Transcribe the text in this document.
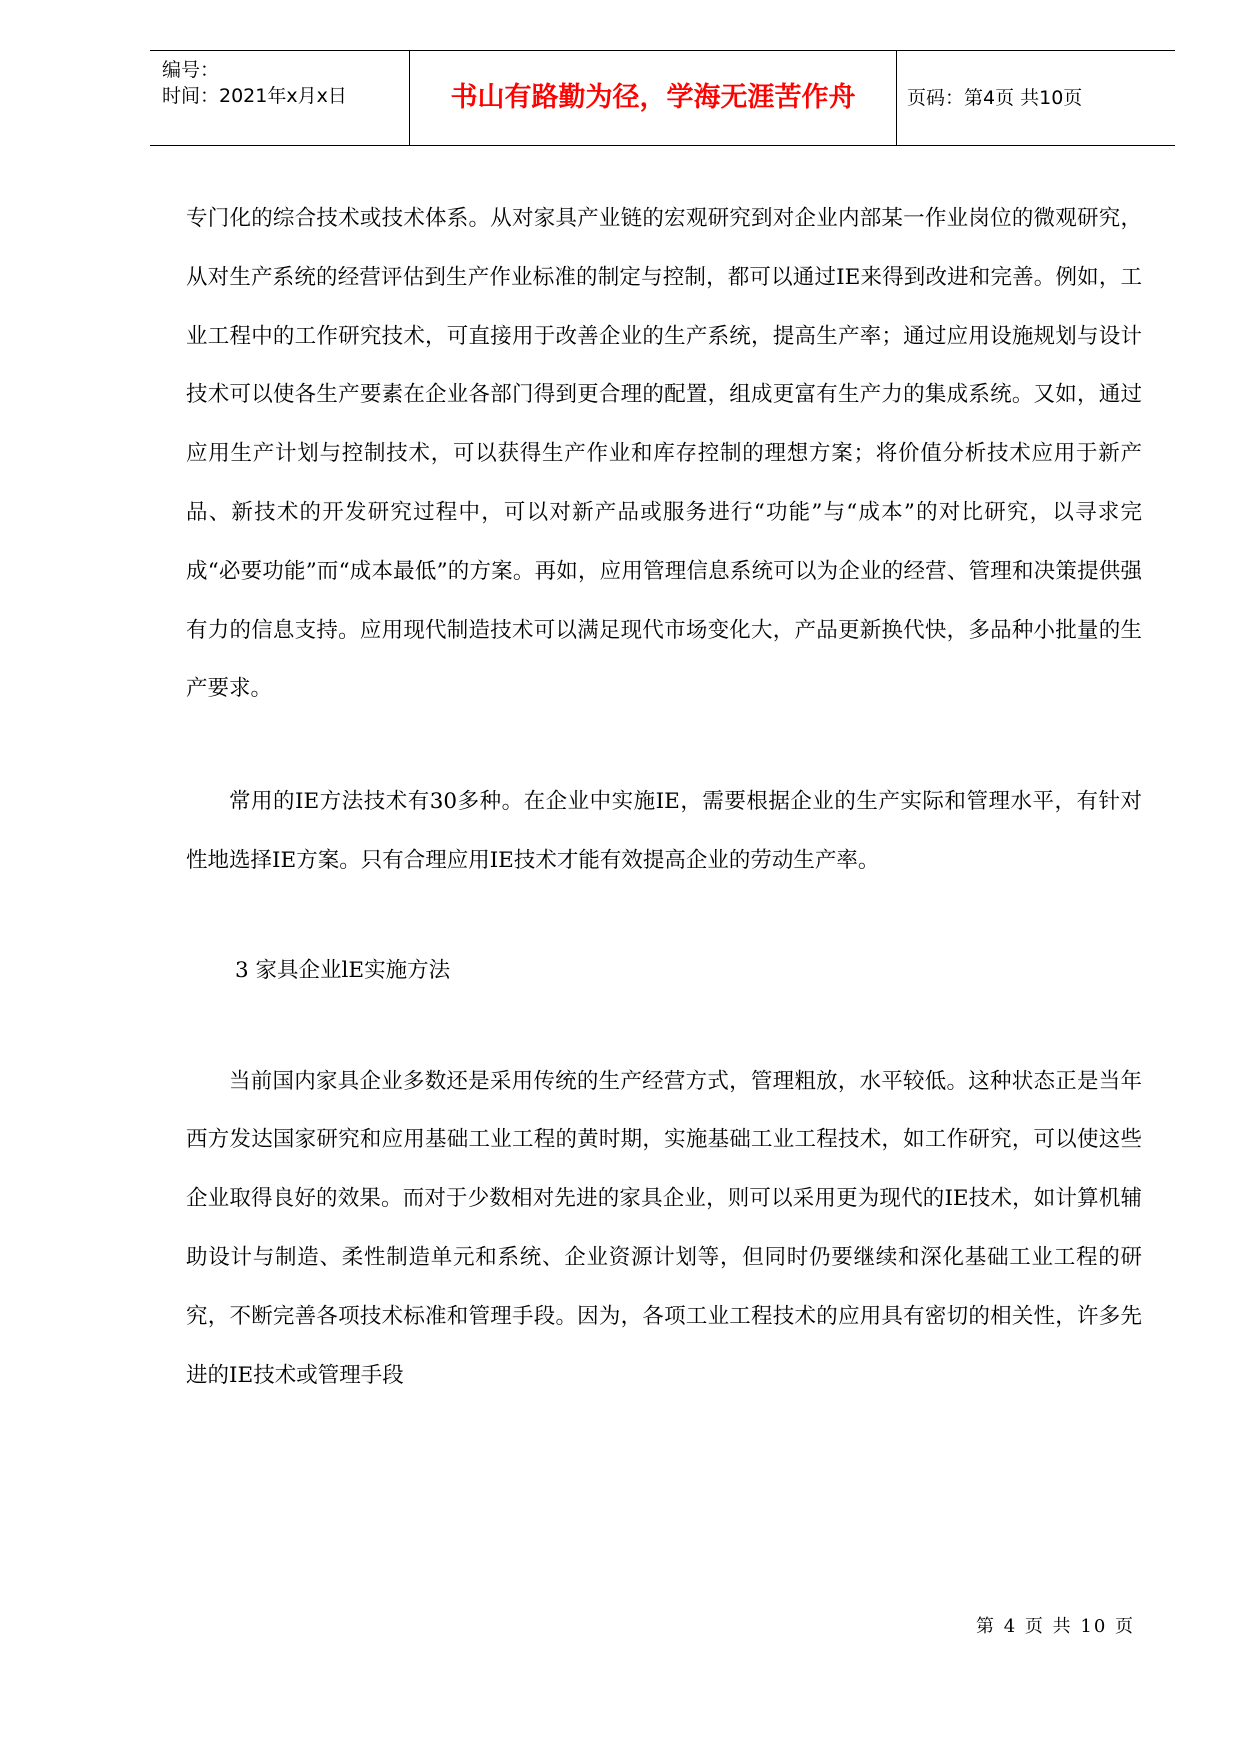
编号：
时间：2021年x月x日	书山有路勤为径，学海无涯苦作舟	页码：第4页 共10页

专门化的综合技术或技术体系。从对家具产业链的宏观研究到对企业内部某一作业岗位的微观研究，从对生产系统的经营评估到生产作业标准的制定与控制，都可以通过IE来得到改进和完善。例如，工业工程中的工作研究技术，可直接用于改善企业的生产系统，提高生产率；通过应用设施规划与设计技术可以使各生产要素在企业各部门得到更合理的配置，组成更富有生产力的集成系统。又如，通过应用生产计划与控制技术，可以获得生产作业和库存控制的理想方案；将价值分析技术应用于新产品、新技术的开发研究过程中，可以对新产品或服务进行“功能”与“成本”的对比研究，以寻求完成“必要功能”而“成本最低”的方案。再如，应用管理信息系统可以为企业的经营、管理和决策提供强有力的信息支持。应用现代制造技术可以满足现代市场变化大，产品更新换代快，多品种小批量的生产要求。

常用的IE方法技术有30多种。在企业中实施IE，需要根据企业的生产实际和管理水平，有针对性地选择IE方案。只有合理应用IE技术才能有效提高企业的劳动生产率。

3 家具企业lE实施方法

当前国内家具企业多数还是采用传统的生产经营方式，管理粗放，水平较低。这种状态正是当年西方发达国家研究和应用基础工业工程的黄时期，实施基础工业工程技术，如工作研究，可以使这些企业取得良好的效果。而对于少数相对先进的家具企业，则可以采用更为现代的IE技术，如计算机辅助设计与制造、柔性制造单元和系统、企业资源计划等，但同时仍要继续和深化基础工业工程的研究，不断完善各项技术标准和管理手段。因为，各项工业工程技术的应用具有密切的相关性，许多先进的IE技术或管理手段

第 4 页 共 10 页
